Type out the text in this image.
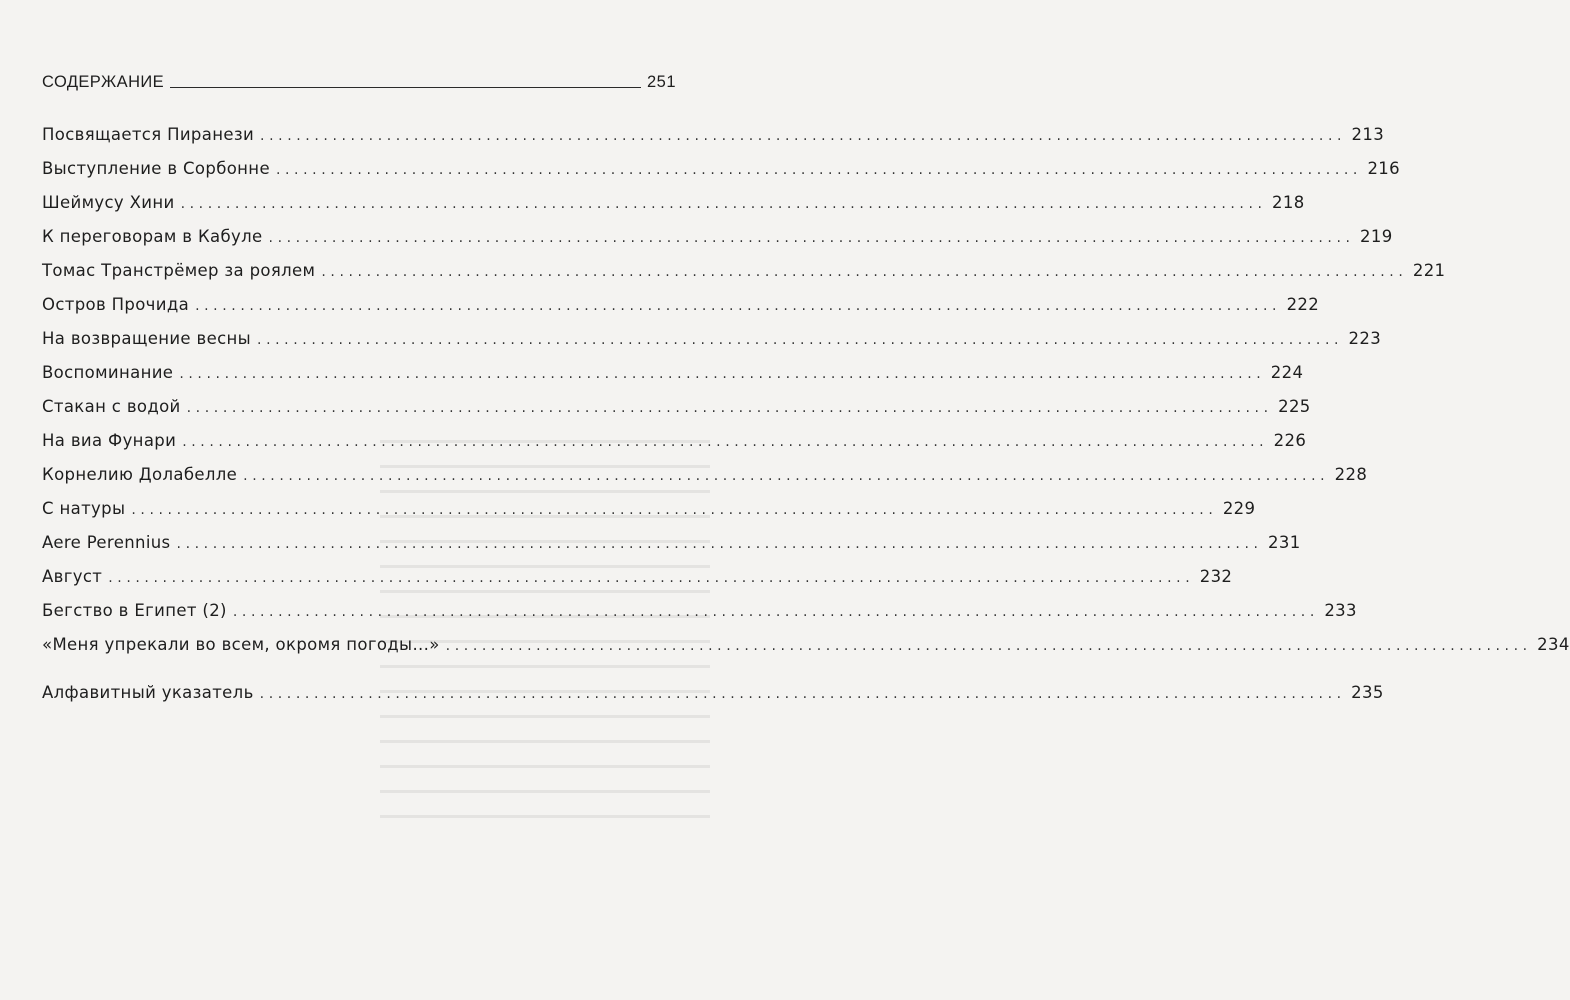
СОДЕРЖАНИЕ	251
Посвящается Пиранези ........................................................................................................................ 213
Выступление в Сорбонне ........................................................................................................................ 216
Шеймусу Хини ........................................................................................................................ 218
К переговорам в Кабуле ........................................................................................................................ 219
Томас Транстрёмер за роялем ........................................................................................................................ 221
Остров Прочида ........................................................................................................................ 222
На возвращение весны ........................................................................................................................ 223
Воспоминание ........................................................................................................................ 224
Стакан с водой ........................................................................................................................ 225
На виа Фунари ........................................................................................................................ 226
Корнелию Долабелле ........................................................................................................................ 228
С натуры ........................................................................................................................ 229
Aere Perennius ........................................................................................................................ 231
Август ........................................................................................................................ 232
Бегство в Египет (2) ........................................................................................................................ 233
«Меня упрекали во всем, окромя погоды...» ........................................................................................................................ 234
Алфавитный указатель ........................................................................................................................ 235
